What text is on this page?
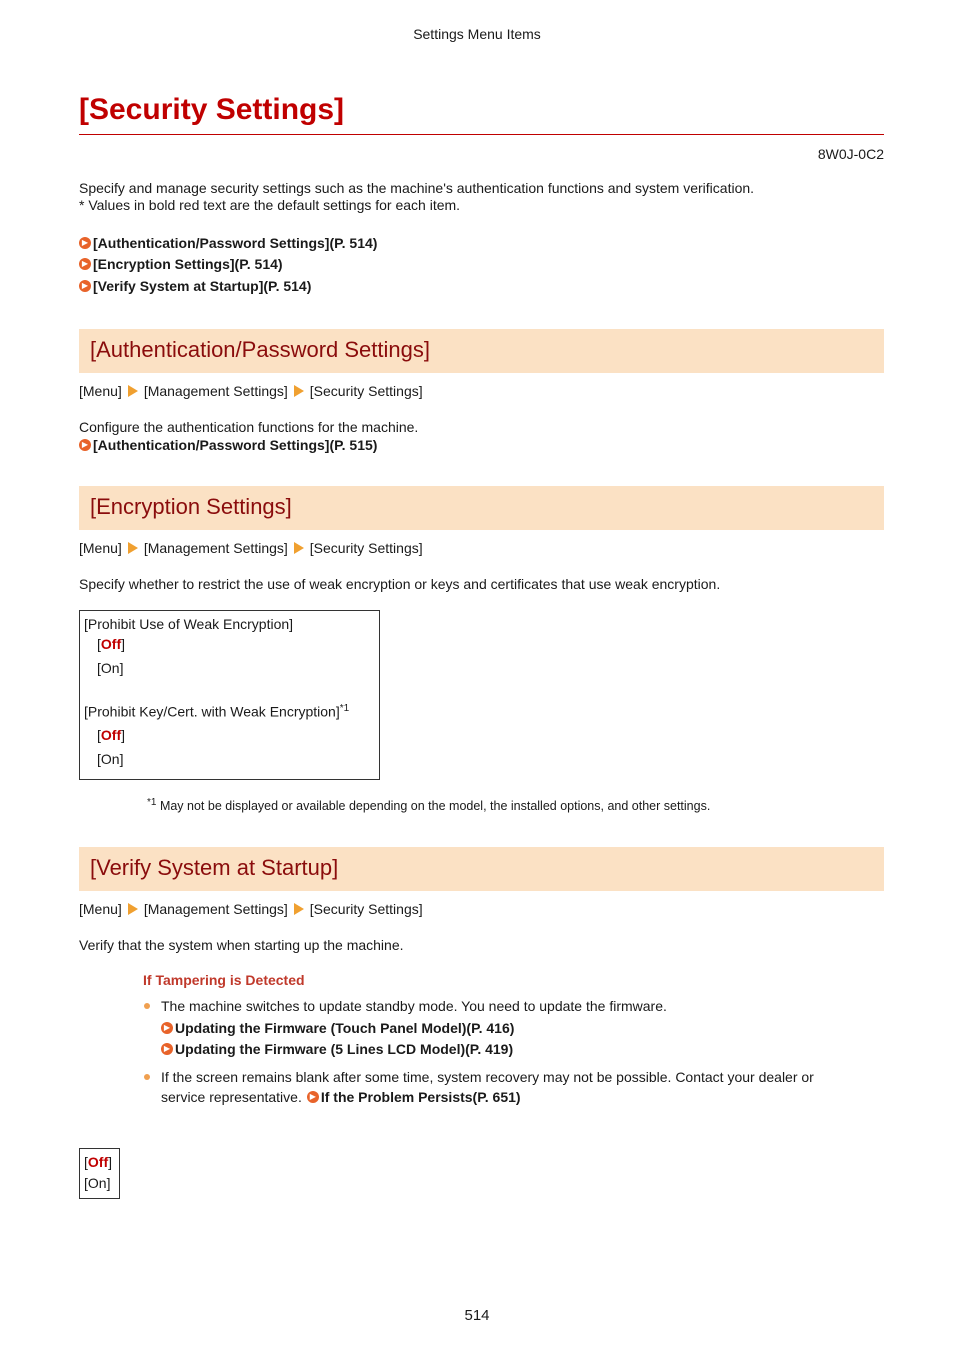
Settings Menu Items
[Security Settings]
8W0J-0C2
Specify and manage security settings such as the machine's authentication functions and system verification.
* Values in bold red text are the default settings for each item.
▶ [Authentication/Password Settings](P. 514)
▶ [Encryption Settings](P. 514)
▶ [Verify System at Startup](P. 514)
[Authentication/Password Settings]
[Menu] [Management Settings] [Security Settings]
Configure the authentication functions for the machine.
▶ [Authentication/Password Settings](P. 515)
[Encryption Settings]
[Menu] [Management Settings] [Security Settings]
Specify whether to restrict the use of weak encryption or keys and certificates that use weak encryption.
[Prohibit Use of Weak Encryption]
[Off]
[On]
[Prohibit Key/Cert. with Weak Encryption]$^{*1}$
[Off]
[On]
$^{*1}$ May not be displayed or available depending on the model, the installed options, and other settings.
[Verify System at Startup]
[Menu] [Management Settings] [Security Settings]
Verify that the system when starting up the machine.
If Tampering is Detected
The machine switches to update standby mode. You need to update the firmware.
▶ Updating the Firmware (Touch Panel Model)(P. 416)
▶ Updating the Firmware (5 Lines LCD Model)(P. 419)
If the screen remains blank after some time, system recovery may not be possible. Contact your dealer or
service representative. ▶ If the Problem Persists(P. 651)
[Off]
[On]
514
